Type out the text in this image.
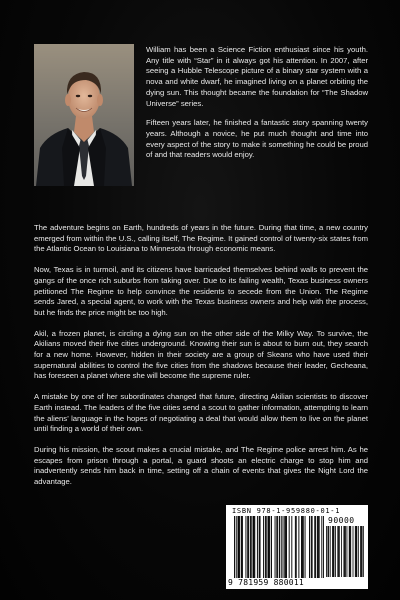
William has been a Science Fiction enthusiast since his youth. Any title with “Star” in it always got his attention. In 2007, after seeing a Hubble Telescope picture of a binary star system with a nova and white dwarf, he imagined living on a planet orbiting the dying sun. This thought became the foundation for “The Shadow Universe” series.

Fifteen years later, he finished a fantastic story spanning twenty years. Although a novice, he put much thought and time into every aspect of the story to make it something he could be proud of and that readers would enjoy.

The adventure begins on Earth, hundreds of years in the future. During that time, a new country emerged from within the U.S., calling itself, The Regime. It gained control of twenty-six states from the Atlantic Ocean to Louisiana to Minnesota through economic means.

Now, Texas is in turmoil, and its citizens have barricaded themselves behind walls to prevent the gangs of the once rich suburbs from taking over. Due to its failing wealth, Texas business owners petitioned The Regime to help convince the residents to secede from the Union. The Regime sends Jared, a special agent, to work with the Texas business owners and help with the process, but he finds the price might be too high.

Akil, a frozen planet, is circling a dying sun on the other side of the Milky Way. To survive, the Akilians moved their five cities underground. Knowing their sun is about to burn out, they search for a new home. However, hidden in their society are a group of Skeans who have used their supernatural abilities to control the five cities from the shadows because their leader, Gecheana, has foreseen a planet where she will become the supreme ruler.

A mistake by one of her subordinates changed that future, directing Akilian scientists to discover Earth instead. The leaders of the five cities send a scout to gather information, attempting to learn the aliens’ language in the hopes of negotiating a deal that would allow them to live on the planet until finding a world of their own.

During his mission, the scout makes a crucial mistake, and The Regime police arrest him. As he escapes from prison through a portal, a guard shoots an electric charge to stop him and inadvertently sends him back in time, setting off a chain of events that gives the Night Lord the advantage.

ISBN 978-1-959880-01-1
90000
9 781959 880011
